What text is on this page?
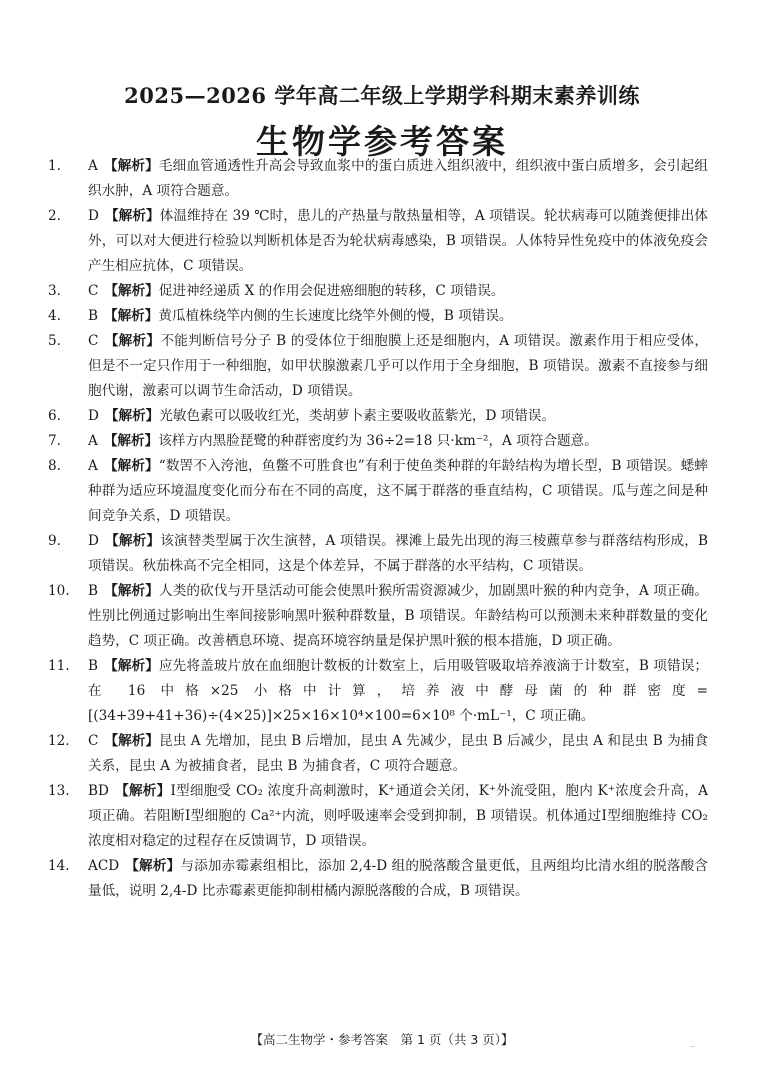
2025—2026 学年高二年级上学期学科期末素养训练
生物学参考答案
1. A 【解析】毛细血管通透性升高会导致血浆中的蛋白质进入组织液中，组织液中蛋白质增多，会引起组织水肿，A 项符合题意。
2. D 【解析】体温维持在 39 ℃时，患儿的产热量与散热量相等，A 项错误。轮状病毒可以随粪便排出体外，可以对大便进行检验以判断机体是否为轮状病毒感染，B 项错误。人体特异性免疫中的体液免疫会产生相应抗体，C 项错误。
3. C 【解析】促进神经递质 X 的作用会促进癌细胞的转移，C 项错误。
4. B 【解析】黄瓜植株绕竿内侧的生长速度比绕竿外侧的慢，B 项错误。
5. C 【解析】不能判断信号分子 B 的受体位于细胞膜上还是细胞内，A 项错误。激素作用于相应受体，但是不一定只作用于一种细胞，如甲状腺激素几乎可以作用于全身细胞，B 项错误。激素不直接参与细胞代谢，激素可以调节生命活动，D 项错误。
6. D 【解析】光敏色素可以吸收红光，类胡萝卜素主要吸收蓝紫光，D 项错误。
7. A 【解析】该样方内黑脸琵鹭的种群密度约为 36÷2=18 只·km⁻²，A 项符合题意。
8. A 【解析】“数罟不入洿池，鱼鳖不可胜食也”有利于使鱼类种群的年龄结构为增长型，B 项错误。蟋蟀种群为适应环境温度变化而分布在不同的高度，这不属于群落的垂直结构，C 项错误。瓜与莲之间是种间竞争关系，D 项错误。
9. D 【解析】该演替类型属于次生演替，A 项错误。裸滩上最先出现的海三棱藨草参与群落结构形成，B 项错误。秋茄株高不完全相同，这是个体差异，不属于群落的水平结构，C 项错误。
10. B 【解析】人类的砍伐与开垦活动可能会使黑叶猴所需资源减少，加剧黑叶猴的种内竞争，A 项正确。性别比例通过影响出生率间接影响黑叶猴种群数量，B 项错误。年龄结构可以预测未来种群数量的变化趋势，C 项正确。改善栖息环境、提高环境容纳量是保护黑叶猴的根本措施，D 项正确。
11. B 【解析】应先将盖玻片放在血细胞计数板的计数室上，后用吸管吸取培养液滴于计数室，B 项错误；在 16 中格×25 小格中计算，培养液中酵母菌的种群密度=[(34+39+41+36)÷(4×25)]×25×16×10⁴×100=6×10⁸ 个·mL⁻¹，C 项正确。
12. C 【解析】昆虫 A 先增加，昆虫 B 后增加，昆虫 A 先减少，昆虫 B 后减少，昆虫 A 和昆虫 B 为捕食关系，昆虫 A 为被捕食者，昆虫 B 为捕食者，C 项符合题意。
13. BD 【解析】Ⅰ型细胞受 CO₂ 浓度升高刺激时，K⁺通道会关闭，K⁺外流受阻，胞内 K⁺浓度会升高，A 项正确。若阻断Ⅰ型细胞的 Ca²⁺内流，则呼吸速率会受到抑制，B 项错误。机体通过Ⅰ型细胞维持 CO₂ 浓度相对稳定的过程存在反馈调节，D 项错误。
14. ACD 【解析】与添加赤霉素组相比，添加 2,4-D 组的脱落酸含量更低，且两组均比清水组的脱落酸含量低，说明 2,4-D 比赤霉素更能抑制柑橘内源脱落酸的合成，B 项错误。
【高二生物学・参考答案　第 1 页（共 3 页）】	..
